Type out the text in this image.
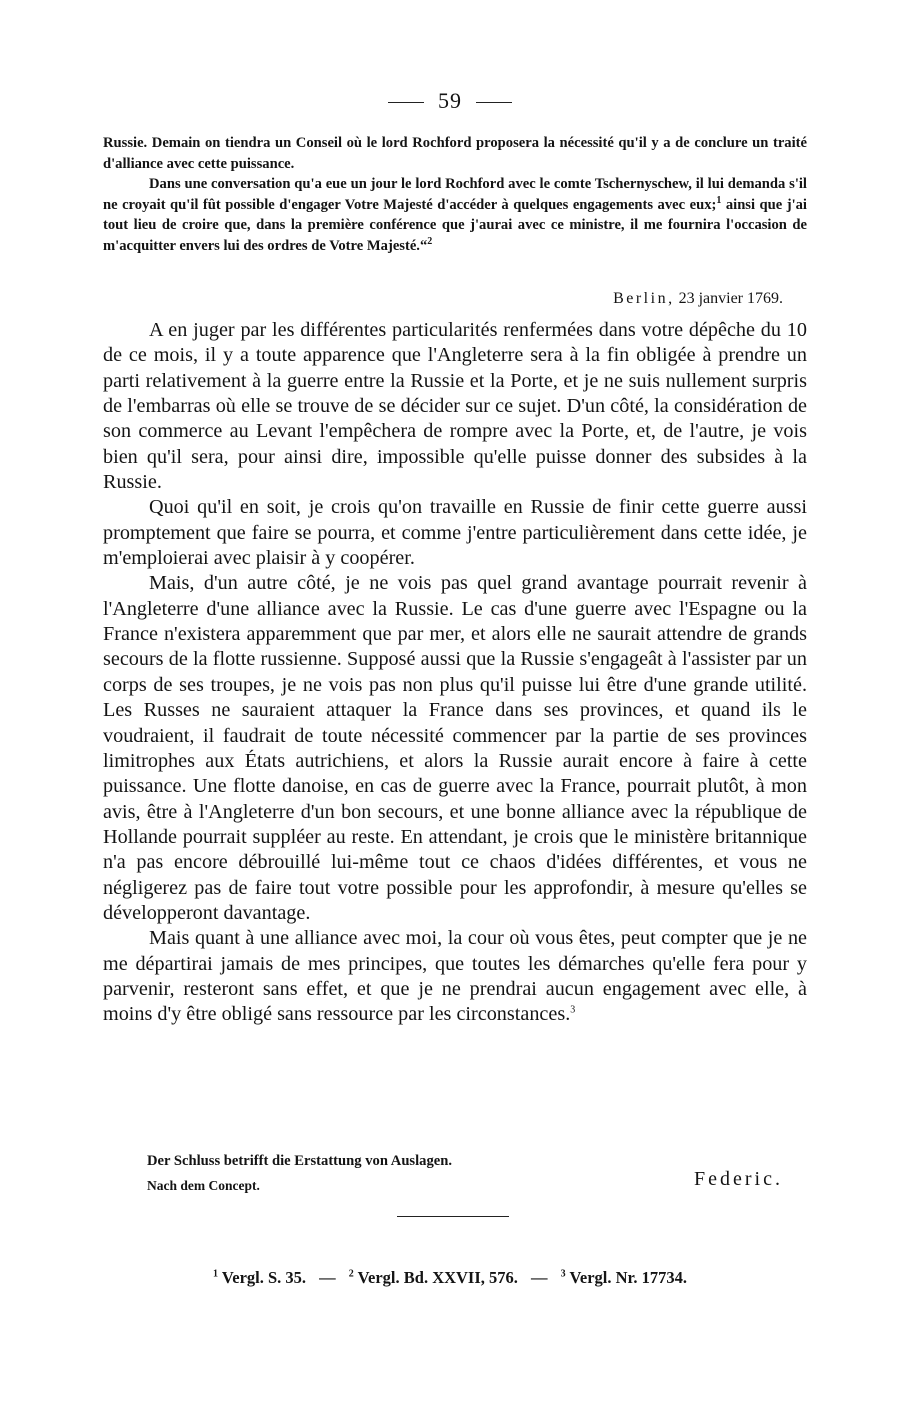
59

Russie. Demain on tiendra un Conseil où le lord Rochford proposera la nécessité qu'il y a de conclure un traité d'alliance avec cette puissance.

Dans une conversation qu'a eue un jour le lord Rochford avec le comte Tschernyschew, il lui demanda s'il ne croyait qu'il fût possible d'engager Votre Majesté d'accéder à quelques engagements avec eux;$^1$ ainsi que j'ai tout lieu de croire que, dans la première conférence que j'aurai avec ce ministre, il me fournira l'occasion de m'acquitter envers lui des ordres de Votre Majesté.“$^2$

Berlin, 23 janvier 1769.

A en juger par les différentes particularités renfermées dans votre dépêche du 10 de ce mois, il y a toute apparence que l'Angleterre sera à la fin obligée à prendre un parti relativement à la guerre entre la Russie et la Porte, et je ne suis nullement surpris de l'embarras où elle se trouve de se décider sur ce sujet. D'un côté, la considération de son commerce au Levant l'empêchera de rompre avec la Porte, et, de l'autre, je vois bien qu'il sera, pour ainsi dire, impossible qu'elle puisse donner des subsides à la Russie.

Quoi qu'il en soit, je crois qu'on travaille en Russie de finir cette guerre aussi promptement que faire se pourra, et comme j'entre particulièrement dans cette idée, je m'emploierai avec plaisir à y coopérer.

Mais, d'un autre côté, je ne vois pas quel grand avantage pourrait revenir à l'Angleterre d'une alliance avec la Russie. Le cas d'une guerre avec l'Espagne ou la France n'existera apparemment que par mer, et alors elle ne saurait attendre de grands secours de la flotte russienne. Supposé aussi que la Russie s'engageât à l'assister par un corps de ses troupes, je ne vois pas non plus qu'il puisse lui être d'une grande utilité. Les Russes ne sauraient attaquer la France dans ses provinces, et quand ils le voudraient, il faudrait de toute nécessité commencer par la partie de ses provinces limitrophes aux États autrichiens, et alors la Russie aurait encore à faire à cette puissance. Une flotte danoise, en cas de guerre avec la France, pourrait plutôt, à mon avis, être à l'Angleterre d'un bon secours, et une bonne alliance avec la république de Hollande pourrait suppléer au reste. En attendant, je crois que le ministère britannique n'a pas encore débrouillé lui-même tout ce chaos d'idées différentes, et vous ne négligerez pas de faire tout votre possible pour les approfondir, à mesure qu'elles se développeront davantage.

Mais quant à une alliance avec moi, la cour où vous êtes, peut compter que je ne me départirai jamais de mes principes, que toutes les démarches qu'elle fera pour y parvenir, resteront sans effet, et que je ne prendrai aucun engagement avec elle, à moins d'y être obligé sans ressource par les circonstances.$^3$

Der Schluss betrifft die Erstattung von Auslagen.
Nach dem Concept.	Federic.
$^1$ Vergl. S. 35. — $^2$ Vergl. Bd. XXVII, 576. — $^3$ Vergl. Nr. 17734.
